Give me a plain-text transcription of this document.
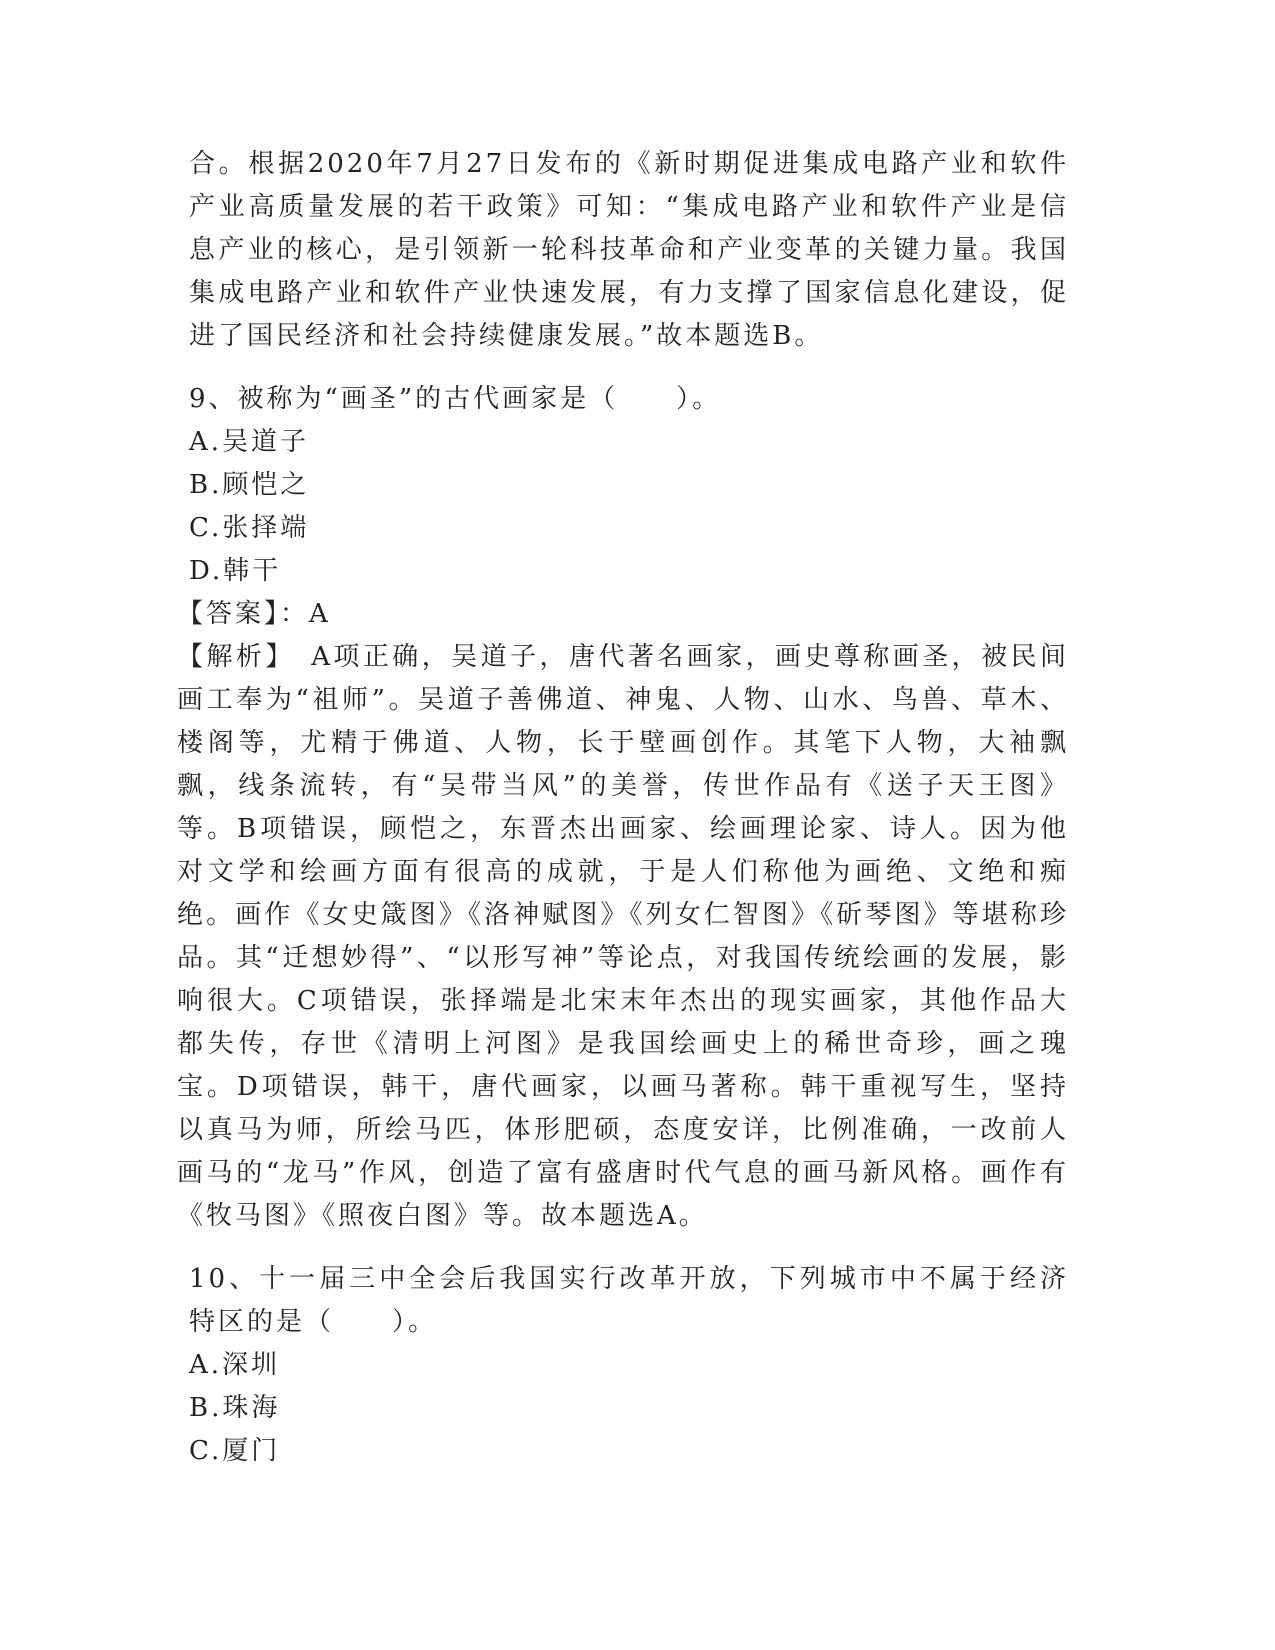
合。根据2020年7月27日发布的《新时期促进集成电路产业和软件产业高质量发展的若干政策》可知：“集成电路产业和软件产业是信息产业的核心，是引领新一轮科技革命和产业变革的关键力量。我国集成电路产业和软件产业快速发展，有力支撑了国家信息化建设，促进了国民经济和社会持续健康发展。”故本题选B。

9、被称为“画圣”的古代画家是（　　）。

A.吴道子

B.顾恺之

C.张择端

D.韩干

【答案】：A

【解析】　A项正确，吴道子，唐代著名画家，画史尊称画圣，被民间画工奉为“祖师”。吴道子善佛道、神鬼、人物、山水、鸟兽、草木、楼阁等，尤精于佛道、人物，长于壁画创作。其笔下人物，大袖飘飘，线条流转，有“吴带当风”的美誉，传世作品有《送子天王图》等。B项错误，顾恺之，东晋杰出画家、绘画理论家、诗人。因为他对文学和绘画方面有很高的成就，于是人们称他为画绝、文绝和痴绝。画作《女史箴图》《洛神赋图》《列女仁智图》《斫琴图》等堪称珍品。其“迁想妙得”、“以形写神”等论点，对我国传统绘画的发展，影响很大。C项错误，张择端是北宋末年杰出的现实画家，其他作品大都失传，存世《清明上河图》是我国绘画史上的稀世奇珍，画之瑰宝。D项错误，韩干，唐代画家，以画马著称。韩干重视写生，坚持以真马为师，所绘马匹，体形肥硕，态度安详，比例准确，一改前人画马的“龙马”作风，创造了富有盛唐时代气息的画马新风格。画作有《牧马图》《照夜白图》等。故本题选A。

10、十一届三中全会后我国实行改革开放，下列城市中不属于经济特区的是（　　）。

A.深圳

B.珠海

C.厦门
